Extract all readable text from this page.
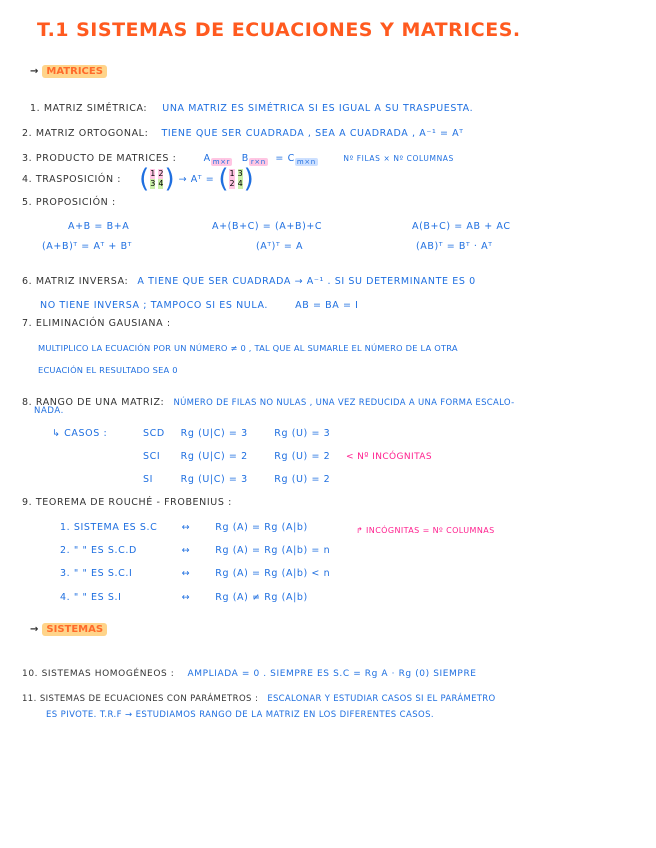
T.1 SISTEMAS DE ECUACIONES Y MATRICES.
→ MATRICES
1. MATRIZ SIMÉTRICA: UNA MATRIZ ES SIMÉTRICA SI ES IGUAL A SU TRASPUESTA.
2. MATRIZ ORTOGONAL: TIENE QUE SER CUADRADA , SEA A CUADRADA , A⁻¹ = Aᵀ
3. PRODUCTO DE MATRICES :	A $_{m\times r}$ B $_{r\times n}$ = C $_{m\times n}$	Nº FILAS × Nº COLUMNAS
4. TRASPOSICIÓN : ( 1 2
3 4 ) → Aᵀ = ( 1 3
2 4 )
5. PROPOSICIÓN :
A+B = B+A	A+(B+C) = (A+B)+C	A(B+C) = AB + AC
(A+B)ᵀ = Aᵀ + Bᵀ	(Aᵀ)ᵀ = A	(AB)ᵀ = Bᵀ · Aᵀ
6. MATRIZ INVERSA: A TIENE QUE SER CUADRADA → A⁻¹ . SI SU DETERMINANTE ES 0
NO TIENE INVERSA ; TAMPOCO SI ES NULA.	AB = BA = I
7. ELIMINACIÓN GAUSIANA :
MULTIPLICO LA ECUACIÓN POR UN NÚMERO ≠ 0 , TAL QUE AL SUMARLE EL NÚMERO DE LA OTRA
ECUACIÓN EL RESULTADO SEA 0
8. RANGO DE UNA MATRIZ: NÚMERO DE FILAS NO NULAS , UNA VEZ REDUCIDA A UNA FORMA ESCALO-
NADA.
↳ CASOS :	SCD Rg (U|C) = 3	Rg (U) = 3
SCI Rg (U|C) = 2	Rg (U) = 2 < Nº INCÓGNITAS
SI	Rg (U|C) = 3	Rg (U) = 2
9. TEOREMA DE ROUCHÉ - FROBENIUS :
↱ INCÓGNITAS = Nº COLUMNAS
1. SISTEMA ES S.C	↔	Rg (A) = Rg (A|b)
2. " " ES S.C.D	↔	Rg (A) = Rg (A|b) = n
3. " " ES S.C.I	↔	Rg (A) = Rg (A|b) < n
4. " " ES S.I	↔	Rg (A) ≠ Rg (A|b)
→ SISTEMAS
10. SISTEMAS HOMOGÉNEOS : AMPLIADA = 0 . SIEMPRE ES S.C = Rg A · Rg (0) SIEMPRE
11. SISTEMAS DE ECUACIONES CON PARÁMETROS : ESCALONAR Y ESTUDIAR CASOS SI EL PARÁMETRO
ES PIVOTE. T.R.F → ESTUDIAMOS RANGO DE LA MATRIZ EN LOS DIFERENTES CASOS.
